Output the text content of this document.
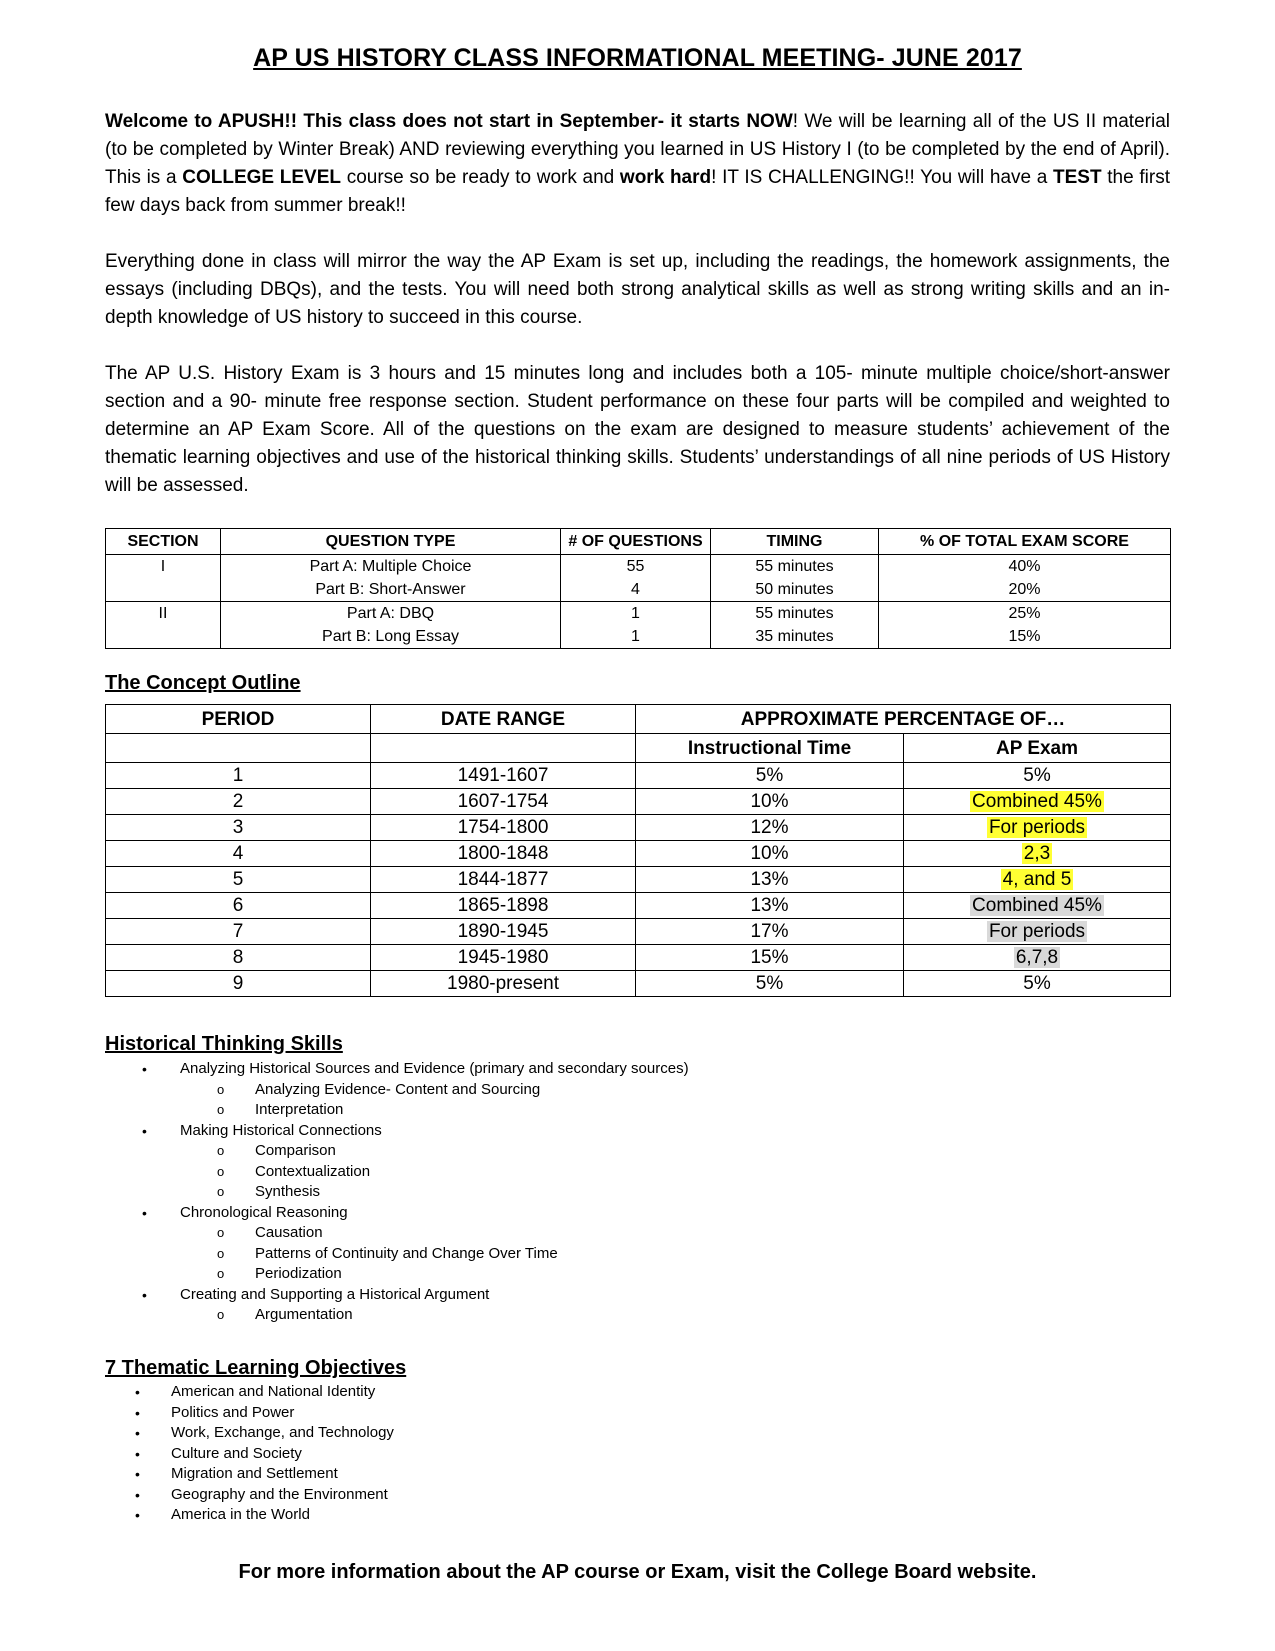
AP US HISTORY CLASS INFORMATIONAL MEETING- JUNE 2017

Welcome to APUSH!! This class does not start in September- it starts NOW! We will be learning all of the US II material (to be completed by Winter Break) AND reviewing everything you learned in US History I (to be completed by the end of April). This is a COLLEGE LEVEL course so be ready to work and work hard! IT IS CHALLENGING!! You will have a TEST the first few days back from summer break!!

Everything done in class will mirror the way the AP Exam is set up, including the readings, the homework assignments, the essays (including DBQs), and the tests. You will need both strong analytical skills as well as strong writing skills and an in-depth knowledge of US history to succeed in this course.

The AP U.S. History Exam is 3 hours and 15 minutes long and includes both a 105- minute multiple choice/short-answer section and a 90- minute free response section. Student performance on these four parts will be compiled and weighted to determine an AP Exam Score. All of the questions on the exam are designed to measure students’ achievement of the thematic learning objectives and use of the historical thinking skills. Students’ understandings of all nine periods of US History will be assessed.

SECTION	QUESTION TYPE	# OF QUESTIONS	TIMING	% OF TOTAL EXAM SCORE
I	Part A: Multiple Choice	55	55 minutes	40%
	Part B: Short-Answer	4	50 minutes	20%
II	Part A: DBQ	1	55 minutes	25%
	Part B: Long Essay	1	35 minutes	15%
The Concept Outline
PERIOD	DATE RANGE	APPROXIMATE PERCENTAGE OF…	
		Instructional Time	AP Exam
1	1491-1607	5%	5%
2	1607-1754	10%	Combined 45%
3	1754-1800	12%	For periods
4	1800-1848	10%	2,3
5	1844-1877	13%	4, and 5
6	1865-1898	13%	Combined 45%
7	1890-1945	17%	For periods
8	1945-1980	15%	6,7,8
9	1980-present	5%	5%
Historical Thinking Skills
• Analyzing Historical Sources and Evidence (primary and secondary sources)
o Analyzing Evidence- Content and Sourcing
o Interpretation
• Making Historical Connections
o Comparison
o Contextualization
o Synthesis
• Chronological Reasoning
o Causation
o Patterns of Continuity and Change Over Time
o Periodization
• Creating and Supporting a Historical Argument
o Argumentation
7 Thematic Learning Objectives
• American and National Identity
• Politics and Power
• Work, Exchange, and Technology
• Culture and Society
• Migration and Settlement
• Geography and the Environment
• America in the World
For more information about the AP course or Exam, visit the College Board website.
